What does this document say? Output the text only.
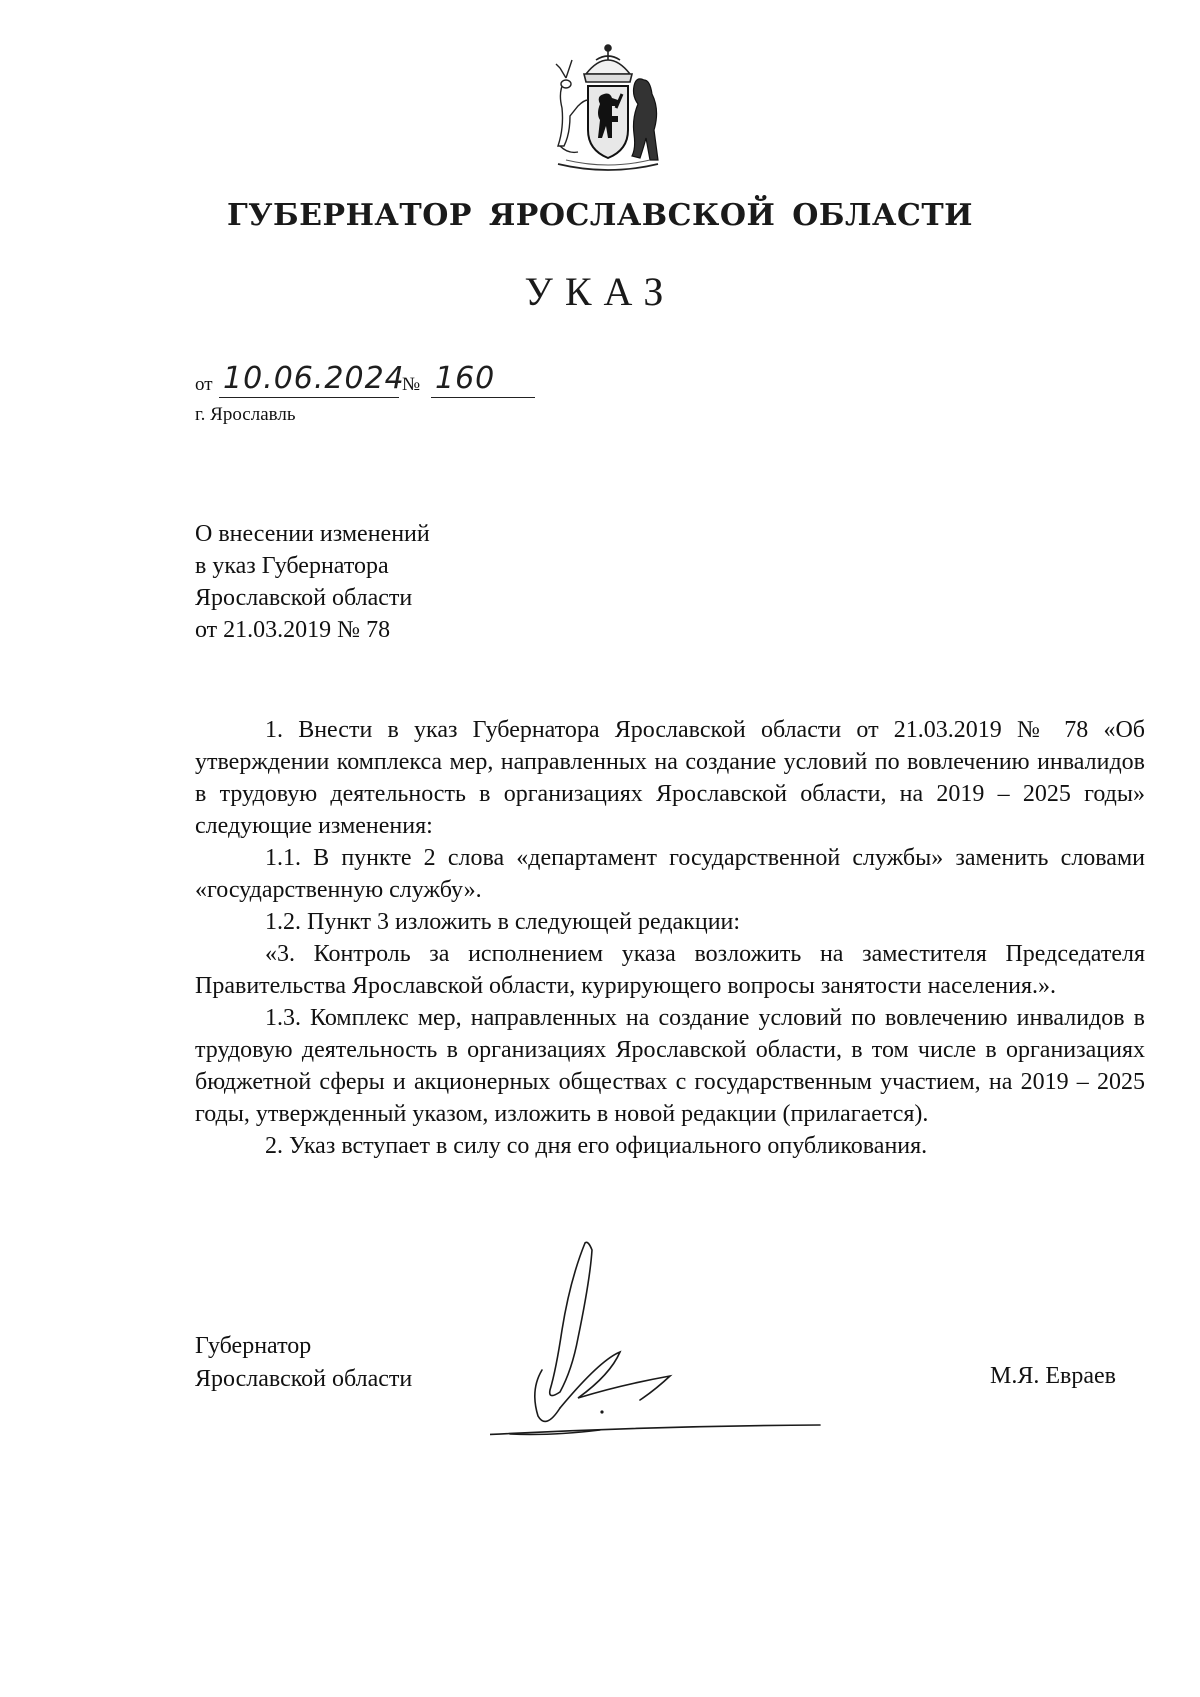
ГУБЕРНАТОР ЯРОСЛАВСКОЙ ОБЛАСТИ
УКАЗ
от 10.06.2024
№ 160
г. Ярославль
О внесении изменений
в указ Губернатора
Ярославской области
от 21.03.2019 № 78

1. Внести в указ Губернатора Ярославской области от 21.03.2019 № 78 «Об утверждении комплекса мер, направленных на создание условий по вовлечению инвалидов в трудовую деятельность в организациях Ярославской области, на 2019 – 2025 годы» следующие изменения:

1.1. В пункте 2 слова «департамент государственной службы» заменить словами «государственную службу».

1.2. Пункт 3 изложить в следующей редакции:

«3. Контроль за исполнением указа возложить на заместителя Председателя Правительства Ярославской области, курирующего вопросы занятости населения.».

1.3. Комплекс мер, направленных на создание условий по вовлечению инвалидов в трудовую деятельность в организациях Ярославской области, в том числе в организациях бюджетной сферы и акционерных обществах с государственным участием, на 2019 – 2025 годы, утвержденный указом, изложить в новой редакции (прилагается).

2. Указ вступает в силу со дня его официального опубликования.

Губернатор
Ярославской области	М.Я. Евраев
